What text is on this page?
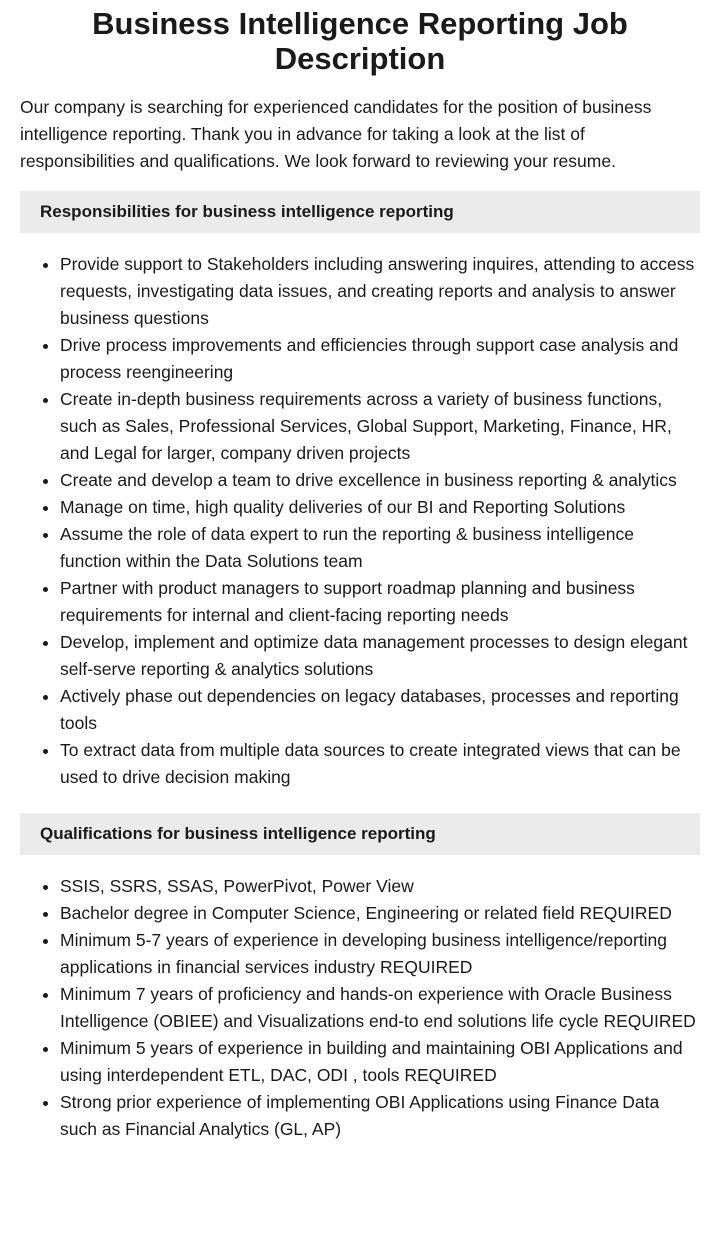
Business Intelligence Reporting Job Description

Our company is searching for experienced candidates for the position of business intelligence reporting. Thank you in advance for taking a look at the list of responsibilities and qualifications. We look forward to reviewing your resume.

Responsibilities for business intelligence reporting
• Provide support to Stakeholders including answering inquires, attending to access requests, investigating data issues, and creating reports and analysis to answer business questions
• Drive process improvements and efficiencies through support case analysis and process reengineering
• Create in-depth business requirements across a variety of business functions, such as Sales, Professional Services, Global Support, Marketing, Finance, HR, and Legal for larger, company driven projects
• Create and develop a team to drive excellence in business reporting & analytics
• Manage on time, high quality deliveries of our BI and Reporting Solutions
• Assume the role of data expert to run the reporting & business intelligence function within the Data Solutions team
• Partner with product managers to support roadmap planning and business requirements for internal and client-facing reporting needs
• Develop, implement and optimize data management processes to design elegant self-serve reporting & analytics solutions
• Actively phase out dependencies on legacy databases, processes and reporting tools
• To extract data from multiple data sources to create integrated views that can be used to drive decision making
Qualifications for business intelligence reporting
• SSIS, SSRS, SSAS, PowerPivot, Power View
• Bachelor degree in Computer Science, Engineering or related field REQUIRED
• Minimum 5-7 years of experience in developing business intelligence/reporting applications in financial services industry REQUIRED
• Minimum 7 years of proficiency and hands-on experience with Oracle Business Intelligence (OBIEE) and Visualizations end-to end solutions life cycle REQUIRED
• Minimum 5 years of experience in building and maintaining OBI Applications and using interdependent ETL, DAC, ODI , tools REQUIRED
• Strong prior experience of implementing OBI Applications using Finance Data such as Financial Analytics (GL, AP)
